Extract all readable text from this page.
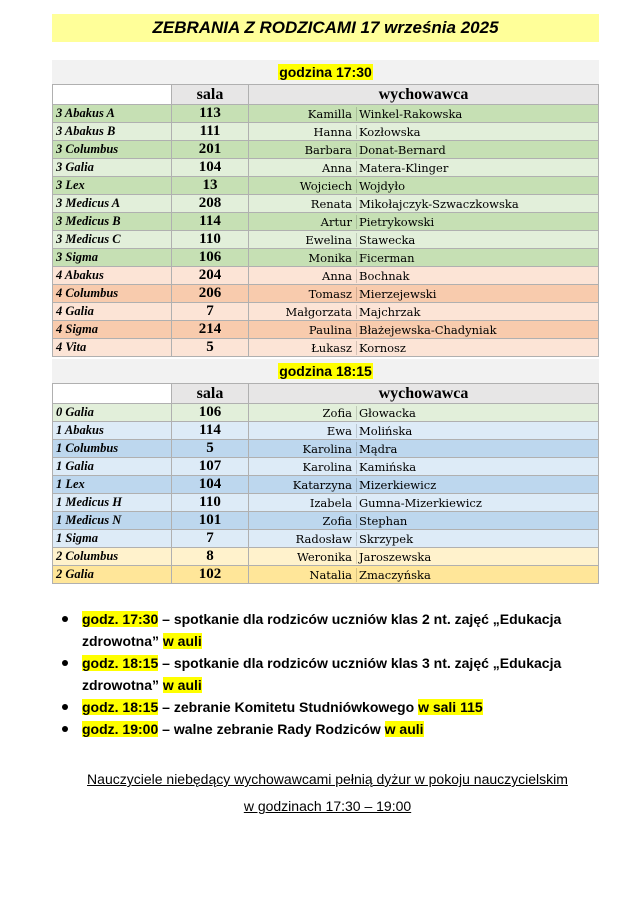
ZEBRANIA Z RODZICAMI 17 września 2025
godzina 17:30
	sala	wychowawca
3 Abakus A	113	Kamilla Winkel-Rakowska
3 Abakus B	111	Hanna Kozłowska
3 Columbus	201	Barbara Donat-Bernard
3 Galia	104	Anna Matera-Klinger
3 Lex	13	Wojciech Wojdyło
3 Medicus A	208	Renata Mikołajczyk-Szwaczkowska
3 Medicus B	114	Artur Pietrykowski
3 Medicus C	110	Ewelina Stawecka
3 Sigma	106	Monika Ficerman
4 Abakus	204	Anna Bochnak
4 Columbus	206	Tomasz Mierzejewski
4 Galia	7	Małgorzata Majchrzak
4 Sigma	214	Paulina Błażejewska-Chadyniak
4 Vita	5	Łukasz Kornosz
godzina 18:15
	sala	wychowawca
0 Galia	106	Zofia Głowacka
1 Abakus	114	Ewa Molińska
1 Columbus	5	Karolina Mądra
1 Galia	107	Karolina Kamińska
1 Lex	104	Katarzyna Mizerkiewicz
1 Medicus H	110	Izabela Gumna-Mizerkiewicz
1 Medicus N	101	Zofia Stephan
1 Sigma	7	Radosław Skrzypek
2 Columbus	8	Weronika Jaroszewska
2 Galia	102	Natalia Zmaczyńska
godz. 17:30 – spotkanie dla rodziców uczniów klas 2 nt. zajęć „Edukacja zdrowotna” w auli
godz. 18:15 – spotkanie dla rodziców uczniów klas 3 nt. zajęć „Edukacja zdrowotna” w auli
godz. 18:15 – zebranie Komitetu Studniówkowego w sali 115
godz. 19:00 – walne zebranie Rady Rodziców w auli
Nauczyciele niebędący wychowawcami pełnią dyżur w pokoju nauczycielskim
w godzinach 17:30 – 19:00
